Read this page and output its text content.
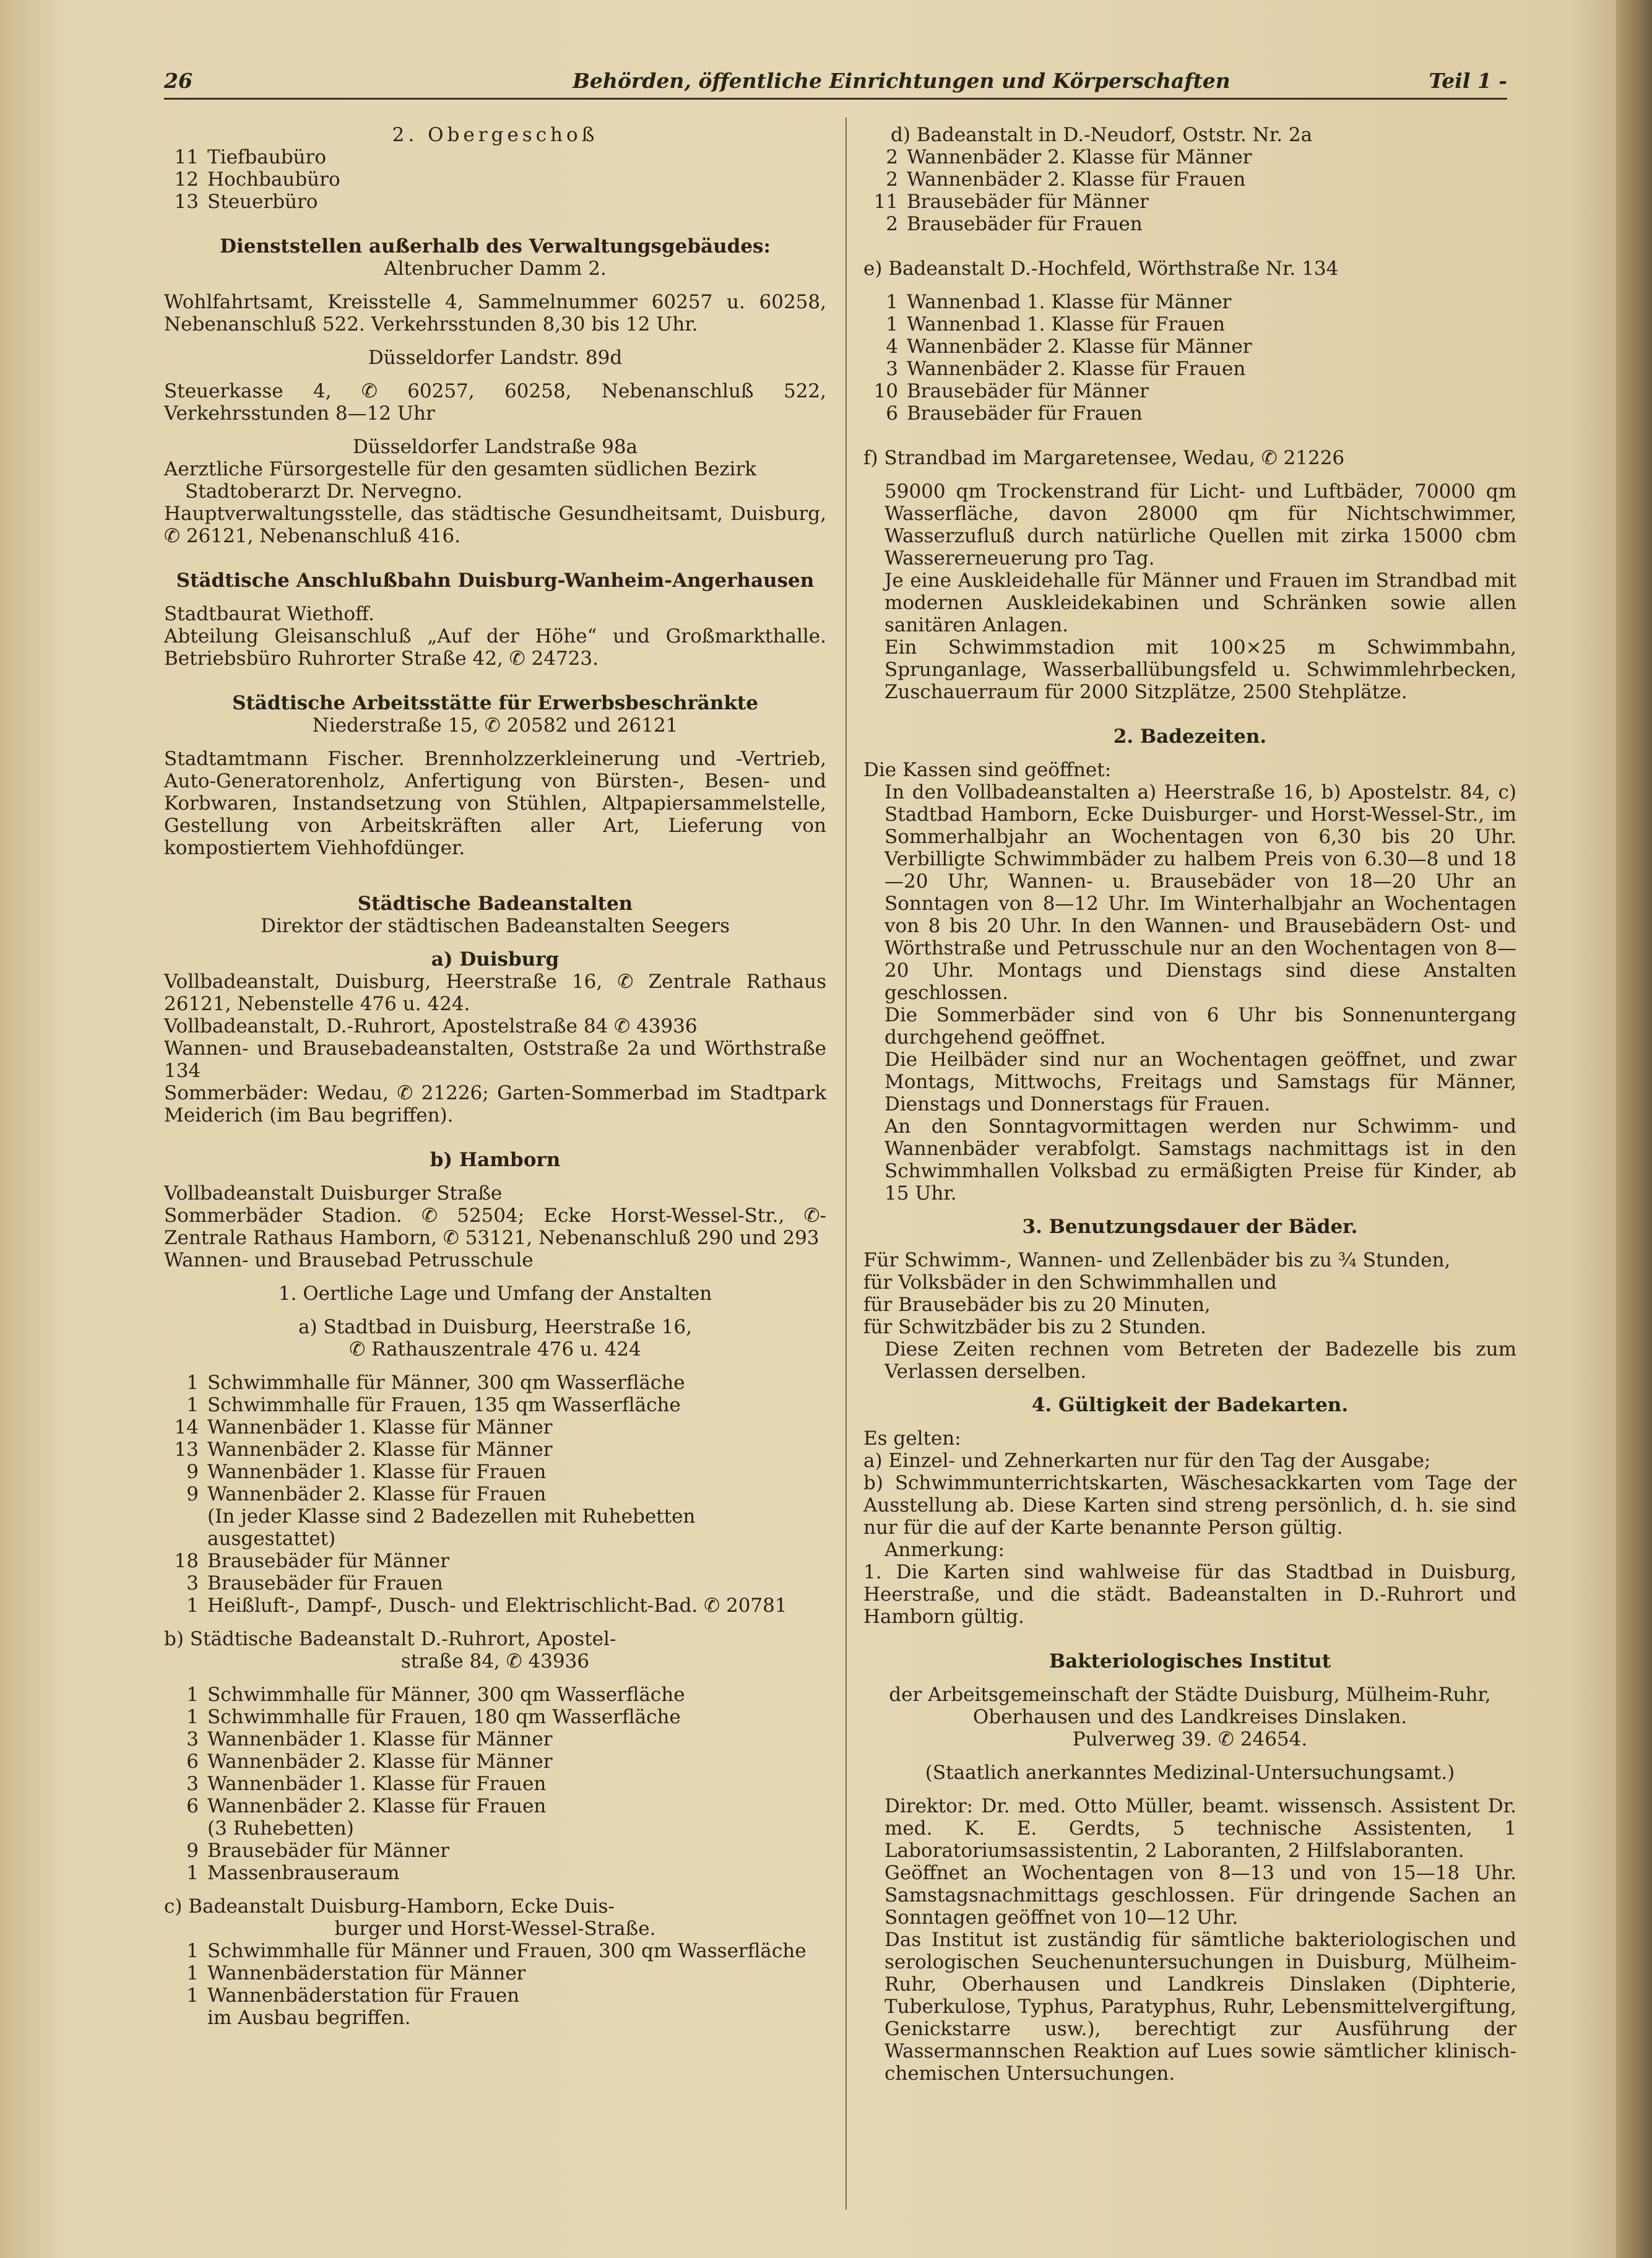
26	Behörden, öffentliche Einrichtungen und Körperschaften	Teil 1 -

2. Obergeschoß

11 Tiefbaubüro
12 Hochbaubüro
13 Steuerbüro

Dienststellen außerhalb des Verwaltungsgebäudes:

Altenbrucher Damm 2.

Wohlfahrtsamt, Kreisstelle 4, Sammelnummer 60257 u. 60258, Nebenanschluß 522. Verkehrsstunden 8,30 bis 12 Uhr.

Düsseldorfer Landstr. 89d

Steuerkasse 4, ✆ 60257, 60258, Nebenanschluß 522, Verkehrsstunden 8—12 Uhr

Düsseldorfer Landstraße 98a

Aerztliche Fürsorgestelle für den gesamten südlichen Bezirk

Stadtoberarzt Dr. Nervegno.

Hauptverwaltungsstelle, das städtische Gesundheitsamt, Duisburg, ✆ 26121, Nebenanschluß 416.

Städtische Anschlußbahn Duisburg-Wanheim-Angerhausen

Stadtbaurat Wiethoff.

Abteilung Gleisanschluß „Auf der Höhe“ und Großmarkthalle. Betriebsbüro Ruhrorter Straße 42, ✆ 24723.

Städtische Arbeitsstätte für Erwerbsbeschränkte

Niederstraße 15, ✆ 20582 und 26121

Stadtamtmann Fischer. Brennholzzerkleinerung und -Vertrieb, Auto-Generatorenholz, Anfertigung von Bürsten-, Besen- und Korbwaren, Instandsetzung von Stühlen, Altpapiersammelstelle, Gestellung von Arbeitskräften aller Art, Lieferung von kompostiertem Viehhofdünger.

Städtische Badeanstalten

Direktor der städtischen Badeanstalten Seegers

a) Duisburg

Vollbadeanstalt, Duisburg, Heerstraße 16, ✆ Zentrale Rathaus 26121, Nebenstelle 476 u. 424.

Vollbadeanstalt, D.-Ruhrort, Apostelstraße 84 ✆ 43936

Wannen- und Brausebadeanstalten, Oststraße 2a und Wörthstraße 134

Sommerbäder: Wedau, ✆ 21226; Garten-Sommerbad im Stadtpark Meiderich (im Bau begriffen).

b) Hamborn

Vollbadeanstalt Duisburger Straße

Sommerbäder Stadion. ✆ 52504; Ecke Horst-Wessel-Str., ✆-Zentrale Rathaus Hamborn, ✆ 53121, Nebenanschluß 290 und 293

Wannen- und Brausebad Petrusschule

1. Oertliche Lage und Umfang der Anstalten

a) Stadtbad in Duisburg, Heerstraße 16,

✆ Rathauszentrale 476 u. 424

1 Schwimmhalle für Männer, 300 qm Wasserfläche
1 Schwimmhalle für Frauen, 135 qm Wasserfläche
14 Wannenbäder 1. Klasse für Männer
13 Wannenbäder 2. Klasse für Männer
9 Wannenbäder 1. Klasse für Frauen
9 Wannenbäder 2. Klasse für Frauen
(In jeder Klasse sind 2 Badezellen mit Ruhebetten ausgestattet)
18 Brausebäder für Männer
3 Brausebäder für Frauen
1 Heißluft-, Dampf-, Dusch- und Elektrischlicht-Bad. ✆ 20781

b) Städtische Badeanstalt D.-Ruhrort, Apostel-

straße 84, ✆ 43936

1 Schwimmhalle für Männer, 300 qm Wasserfläche
1 Schwimmhalle für Frauen, 180 qm Wasserfläche
3 Wannenbäder 1. Klasse für Männer
6 Wannenbäder 2. Klasse für Männer
3 Wannenbäder 1. Klasse für Frauen
6 Wannenbäder 2. Klasse für Frauen
(3 Ruhebetten)
9 Brausebäder für Männer
1 Massenbrauseraum

c) Badeanstalt Duisburg-Hamborn, Ecke Duis-

burger und Horst-Wessel-Straße.

1 Schwimmhalle für Männer und Frauen, 300 qm Wasserfläche
1 Wannenbäderstation für Männer
1 Wannenbäderstation für Frauen
im Ausbau begriffen.

d) Badeanstalt in D.-Neudorf, Oststr. Nr. 2a

2 Wannenbäder 2. Klasse für Männer
2 Wannenbäder 2. Klasse für Frauen
11 Brausebäder für Männer
2 Brausebäder für Frauen

e) Badeanstalt D.-Hochfeld, Wörthstraße Nr. 134

1 Wannenbad 1. Klasse für Männer
1 Wannenbad 1. Klasse für Frauen
4 Wannenbäder 2. Klasse für Männer
3 Wannenbäder 2. Klasse für Frauen
10 Brausebäder für Männer
6 Brausebäder für Frauen

f) Strandbad im Margaretensee, Wedau, ✆ 21226

59000 qm Trockenstrand für Licht- und Luftbäder, 70000 qm Wasserfläche, davon 28000 qm für Nichtschwimmer, Wasserzufluß durch natürliche Quellen mit zirka 15000 cbm Wassererneuerung pro Tag.

Je eine Auskleidehalle für Männer und Frauen im Strandbad mit modernen Auskleidekabinen und Schränken sowie allen sanitären Anlagen.

Ein Schwimmstadion mit 100×25 m Schwimmbahn, Sprunganlage, Wasserballübungsfeld u. Schwimmlehrbecken, Zuschauerraum für 2000 Sitzplätze, 2500 Stehplätze.

2. Badezeiten.

Die Kassen sind geöffnet:

In den Vollbadeanstalten a) Heerstraße 16, b) Apostelstr. 84, c) Stadtbad Hamborn, Ecke Duisburger- und Horst-Wessel-Str., im Sommerhalbjahr an Wochentagen von 6,30 bis 20 Uhr. Verbilligte Schwimmbäder zu halbem Preis von 6.30—8 und 18—20 Uhr, Wannen- u. Brausebäder von 18—20 Uhr an Sonntagen von 8—12 Uhr. Im Winterhalbjahr an Wochentagen von 8 bis 20 Uhr. In den Wannen- und Brausebädern Ost- und Wörthstraße und Petrusschule nur an den Wochentagen von 8—20 Uhr. Montags und Dienstags sind diese Anstalten geschlossen.

Die Sommerbäder sind von 6 Uhr bis Sonnenuntergang durchgehend geöffnet.

Die Heilbäder sind nur an Wochentagen geöffnet, und zwar Montags, Mittwochs, Freitags und Samstags für Männer, Dienstags und Donnerstags für Frauen.

An den Sonntagvormittagen werden nur Schwimm- und Wannenbäder verabfolgt. Samstags nachmittags ist in den Schwimmhallen Volksbad zu ermäßigten Preise für Kinder, ab 15 Uhr.

3. Benutzungsdauer der Bäder.

Für Schwimm-, Wannen- und Zellenbäder bis zu ¾ Stunden,

für Volksbäder in den Schwimmhallen und

für Brausebäder bis zu 20 Minuten,

für Schwitzbäder bis zu 2 Stunden.

Diese Zeiten rechnen vom Betreten der Badezelle bis zum Verlassen derselben.

4. Gültigkeit der Badekarten.

Es gelten:

a) Einzel- und Zehnerkarten nur für den Tag der Ausgabe;

b) Schwimmunterrichtskarten, Wäschesackkarten vom Tage der Ausstellung ab. Diese Karten sind streng persönlich, d. h. sie sind nur für die auf der Karte benannte Person gültig.

Anmerkung:

1. Die Karten sind wahlweise für das Stadtbad in Duisburg, Heerstraße, und die städt. Badeanstalten in D.-Ruhrort und Hamborn gültig.

Bakteriologisches Institut

der Arbeitsgemeinschaft der Städte Duisburg, Mülheim-Ruhr, Oberhausen und des Landkreises Dinslaken.

Pulverweg 39. ✆ 24654.

(Staatlich anerkanntes Medizinal-Untersuchungsamt.)

Direktor: Dr. med. Otto Müller, beamt. wissensch. Assistent Dr. med. K. E. Gerdts, 5 technische Assistenten, 1 Laboratoriumsassistentin, 2 Laboranten, 2 Hilfslaboranten.

Geöffnet an Wochentagen von 8—13 und von 15—18 Uhr. Samstagsnachmittags geschlossen. Für dringende Sachen an Sonntagen geöffnet von 10—12 Uhr.

Das Institut ist zuständig für sämtliche bakteriologischen und serologischen Seuchenuntersuchungen in Duisburg, Mülheim-Ruhr, Oberhausen und Landkreis Dinslaken (Diphterie, Tuberkulose, Typhus, Paratyphus, Ruhr, Lebensmittelvergiftung, Genickstarre usw.), berechtigt zur Ausführung der Wassermannschen Reaktion auf Lues sowie sämtlicher klinisch-chemischen Untersuchungen.
